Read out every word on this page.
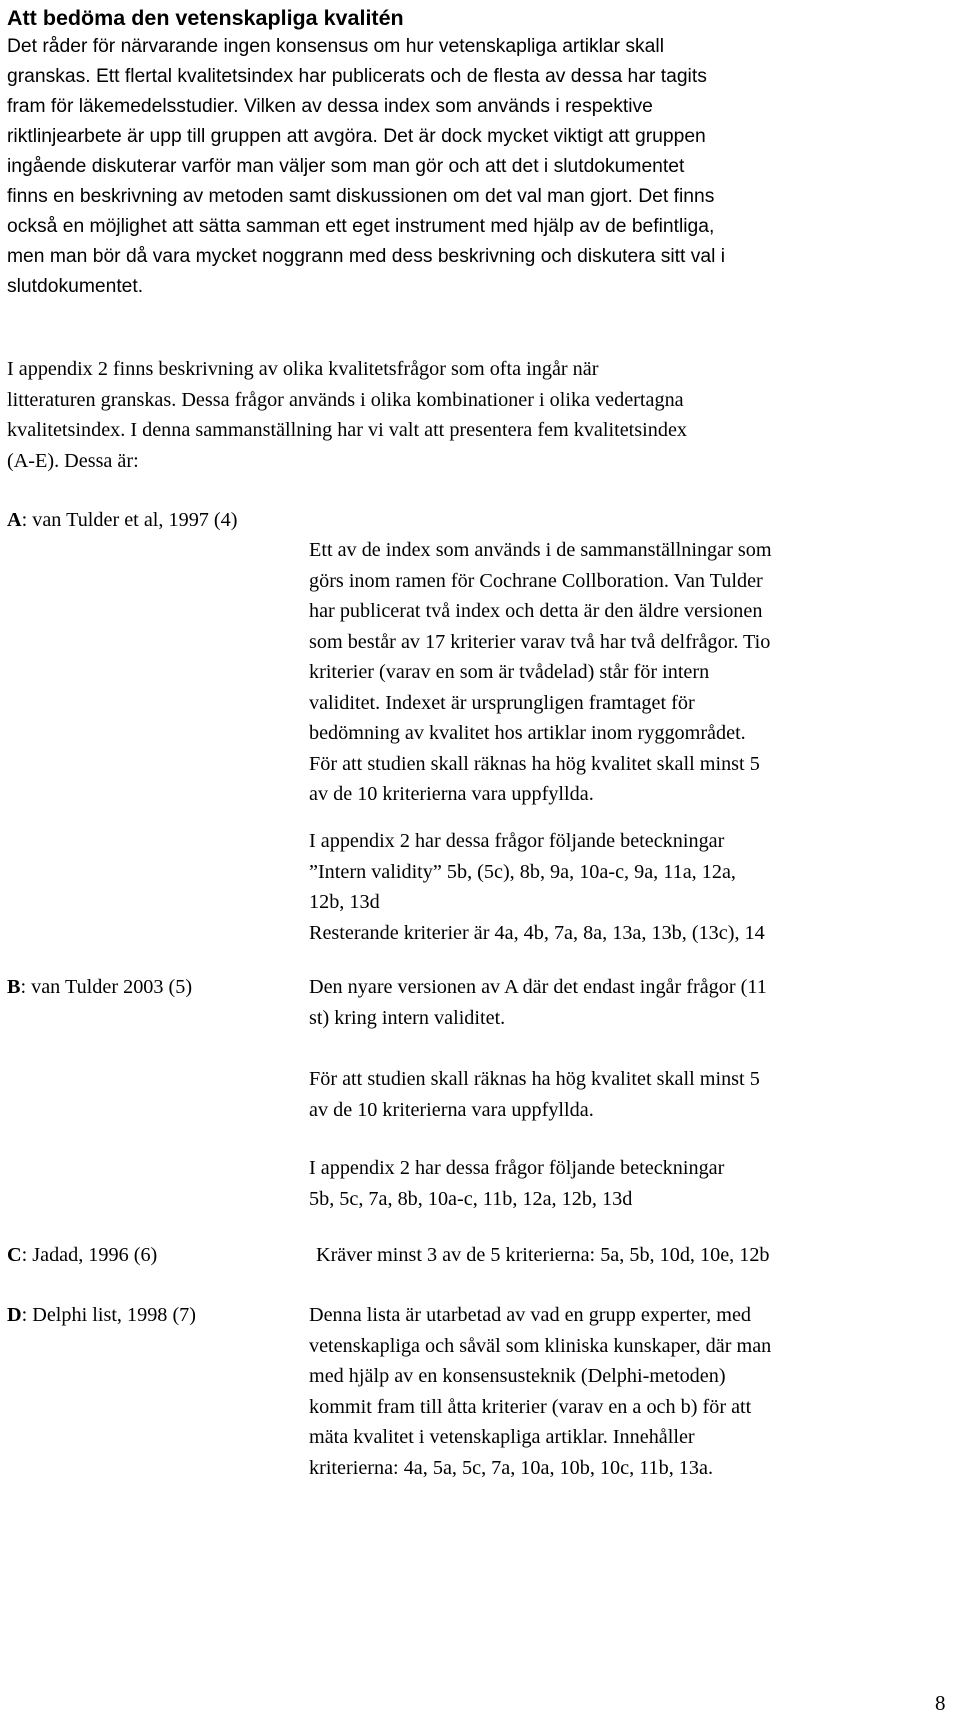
Att bedöma den vetenskapliga kvalitén
Det råder för närvarande ingen konsensus om hur vetenskapliga artiklar skall
granskas. Ett flertal kvalitetsindex har publicerats och de flesta av dessa har tagits
fram för läkemedelsstudier. Vilken av dessa index som används i respektive
riktlinjearbete är upp till gruppen att avgöra. Det är dock mycket viktigt att gruppen
ingående diskuterar varför man väljer som man gör och att det i slutdokumentet
finns en beskrivning av metoden samt diskussionen om det val man gjort. Det finns
också en möjlighet att sätta samman ett eget instrument med hjälp av de befintliga,
men man bör då vara mycket noggrann med dess beskrivning och diskutera sitt val i
slutdokumentet.
I appendix 2 finns beskrivning av olika kvalitetsfrågor som ofta ingår när
litteraturen granskas. Dessa frågor används i olika kombinationer i olika vedertagna
kvalitetsindex. I denna sammanställning har vi valt att presentera fem kvalitetsindex
(A-E). Dessa är:
A: van Tulder et al, 1997 (4)
Ett av de index som används i de sammanställningar som
görs inom ramen för Cochrane Collboration. Van Tulder
har publicerat två index och detta är den äldre versionen
som består av 17 kriterier varav två har två delfrågor. Tio
kriterier (varav en som är tvådelad) står för intern
validitet. Indexet är ursprungligen framtaget för
bedömning av kvalitet hos artiklar inom ryggområdet.
För att studien skall räknas ha hög kvalitet skall minst 5
av de 10 kriterierna vara uppfyllda.
I appendix 2 har dessa frågor följande beteckningar
”Intern validity” 5b, (5c), 8b, 9a, 10a-c, 9a, 11a, 12a,
12b, 13d
Resterande kriterier är 4a, 4b, 7a, 8a, 13a, 13b, (13c), 14
B: van Tulder 2003 (5)	Den nyare versionen av A där det endast ingår frågor (11
st) kring intern validitet.
För att studien skall räknas ha hög kvalitet skall minst 5
av de 10 kriterierna vara uppfyllda.
I appendix 2 har dessa frågor följande beteckningar
5b, 5c, 7a, 8b, 10a-c, 11b, 12a, 12b, 13d
C: Jadad, 1996 (6)	Kräver minst 3 av de 5 kriterierna: 5a, 5b, 10d, 10e, 12b
D: Delphi list, 1998 (7)	Denna lista är utarbetad av vad en grupp experter, med
vetenskapliga och såväl som kliniska kunskaper, där man
med hjälp av en konsensusteknik (Delphi-metoden)
kommit fram till åtta kriterier (varav en a och b) för att
mäta kvalitet i vetenskapliga artiklar. Innehåller
kriterierna: 4a, 5a, 5c, 7a, 10a, 10b, 10c, 11b, 13a.
8
